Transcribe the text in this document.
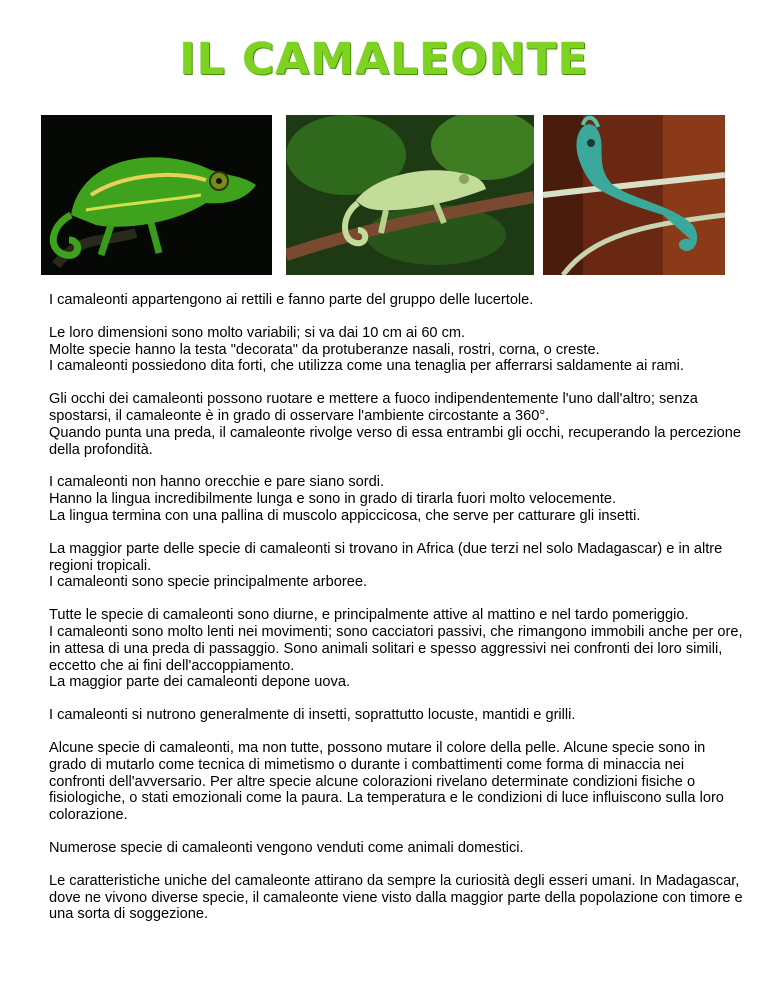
IL CAMALEONTE

I camaleonti appartengono ai rettili e fanno parte del gruppo delle lucertole.

Le loro dimensioni sono molto variabili; si va dai 10 cm ai 60 cm.
Molte specie hanno la testa "decorata" da protuberanze nasali, rostri, corna, o creste.
I camaleonti possiedono dita forti, che utilizza come una tenaglia per afferrarsi saldamente ai rami.

Gli occhi dei camaleonti possono ruotare e mettere a fuoco indipendentemente l'uno dall'altro; senza spostarsi, il camaleonte è in grado di osservare l'ambiente circostante a 360°.
Quando punta una preda, il camaleonte rivolge verso di essa entrambi gli occhi, recuperando la percezione della profondità.

I camaleonti non hanno orecchie e pare siano sordi.
Hanno la lingua incredibilmente lunga e sono in grado di tirarla fuori molto velocemente.
La lingua termina con una pallina di muscolo appiccicosa, che serve per catturare gli insetti.

La maggior parte delle specie di camaleonti si trovano in Africa (due terzi nel solo Madagascar) e in altre regioni tropicali.
I camaleonti sono specie principalmente arboree.

Tutte le specie di camaleonti sono diurne, e principalmente attive al mattino e nel tardo pomeriggio.
I camaleonti sono molto lenti nei movimenti; sono cacciatori passivi, che rimangono immobili anche per ore, in attesa di una preda di passaggio. Sono animali solitari e spesso aggressivi nei confronti dei loro simili, eccetto che ai fini dell'accoppiamento.
La maggior parte dei camaleonti depone uova.

I camaleonti si nutrono generalmente di insetti, soprattutto locuste, mantidi e grilli.

Alcune specie di camaleonti, ma non tutte, possono mutare il colore della pelle. Alcune specie sono in grado di mutarlo come tecnica di mimetismo o durante i combattimenti come forma di minaccia nei confronti dell'avversario. Per altre specie alcune colorazioni rivelano determinate condizioni fisiche o fisiologiche, o stati emozionali come la paura. La temperatura e le condizioni di luce influiscono sulla loro colorazione.

Numerose specie di camaleonti vengono venduti come animali domestici.

Le caratteristiche uniche del camaleonte attirano da sempre la curiosità degli esseri umani. In Madagascar, dove ne vivono diverse specie, il camaleonte viene visto dalla maggior parte della popolazione con timore e una sorta di soggezione.
